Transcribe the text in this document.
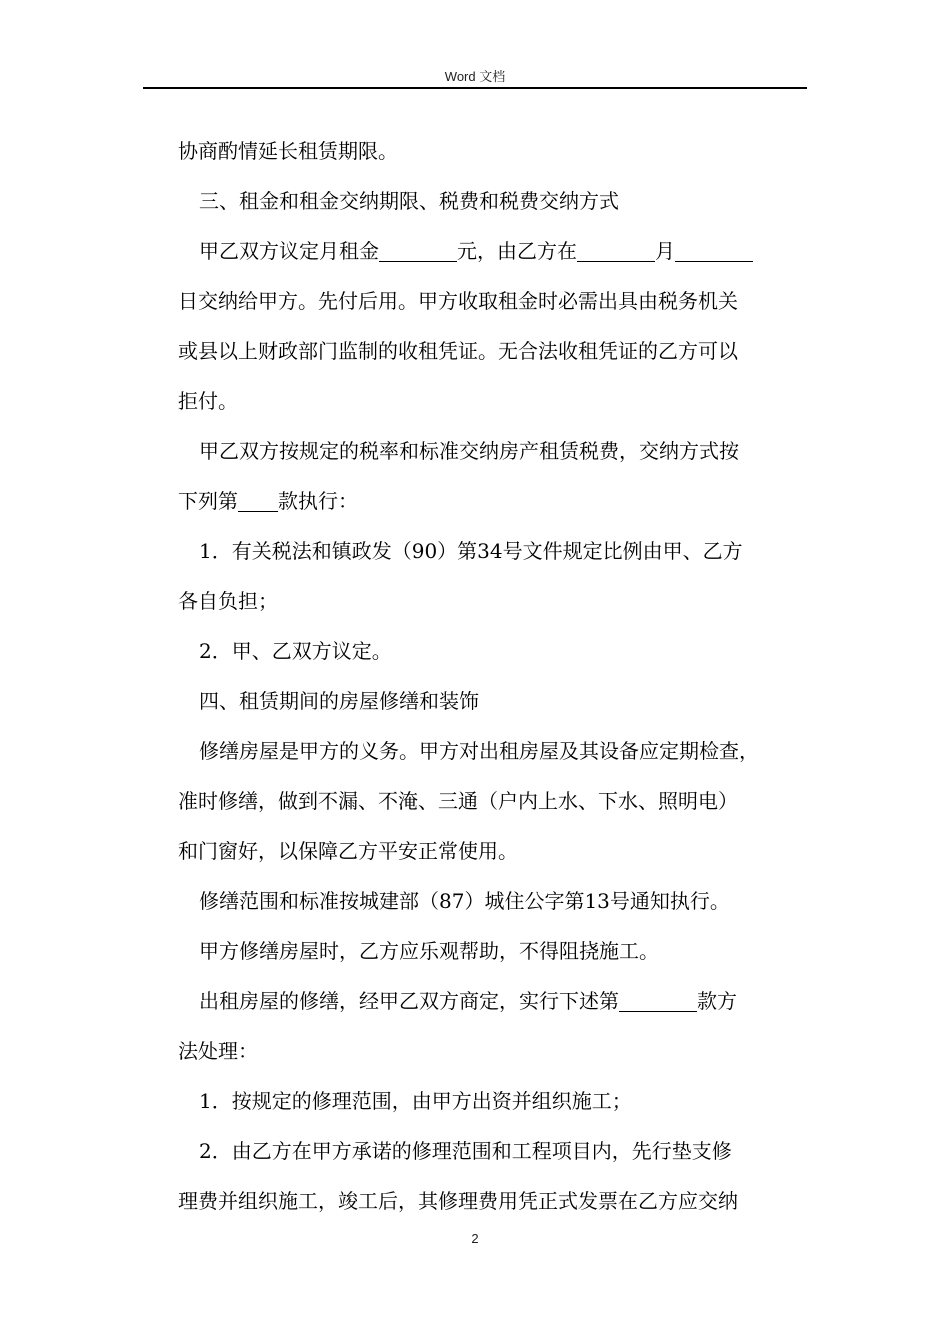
Word 文档
协商酌情延长租赁期限。
三、租金和租金交纳期限、税费和税费交纳方式
甲乙双方议定月租金	元，由乙方在	月
日交纳给甲方。先付后用。甲方收取租金时必需出具由税务机关
或县以上财政部门监制的收租凭证。无合法收租凭证的乙方可以
拒付。
甲乙双方按规定的税率和标准交纳房产租赁税费，交纳方式按
下列第 款执行：
1．有关税法和镇政发（90）第34号文件规定比例由甲、乙方
各自负担；
2．甲、乙双方议定。
四、租赁期间的房屋修缮和装饰
修缮房屋是甲方的义务。甲方对出租房屋及其设备应定期检查，
准时修缮，做到不漏、不淹、三通（户内上水、下水、照明电）
和门窗好，以保障乙方平安正常使用。
修缮范围和标准按城建部（87）城住公字第13号通知执行。
甲方修缮房屋时，乙方应乐观帮助，不得阻挠施工。
出租房屋的修缮，经甲乙双方商定，实行下述第	款方
法处理：
1．按规定的修理范围，由甲方出资并组织施工；
2．由乙方在甲方承诺的修理范围和工程项目内，先行垫支修
理费并组织施工，竣工后，其修理费用凭正式发票在乙方应交纳
2
